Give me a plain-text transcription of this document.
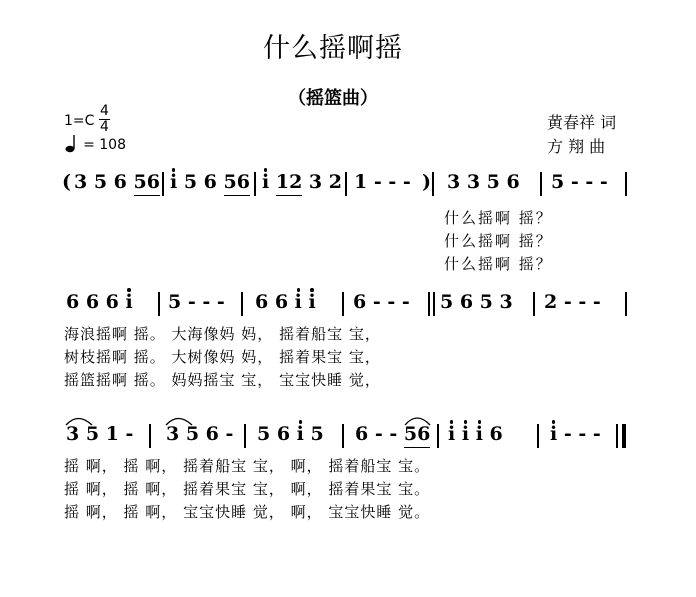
什么摇啊摇
（摇篮曲）
1=C
4
4
= 108
黄春祥 词
方 翔 曲
( 3 5 6 56 i 5 6 56 i 12 3 2 1 - - - ) 3 3 5 6 5 - - -
什么摇啊 摇？
什么摇啊 摇？
什么摇啊 摇？
6 6 6 i 5 - - - 6 6 i i 6 - - - 5 6 5 3 2 - - -
海浪摇啊 摇。 大海像妈 妈， 摇着船宝 宝，
树枝摇啊 摇。 大树像妈 妈， 摇着果宝 宝，
摇篮摇啊 摇。 妈妈摇宝 宝， 宝宝快睡 觉，
3 5 1 - 3 5 6 - 5 6 i 5 6 - - 56 i i i 6 i - - -
摇 啊， 摇 啊， 摇着船宝 宝， 啊， 摇着船宝 宝。
摇 啊， 摇 啊， 摇着果宝 宝， 啊， 摇着果宝 宝。
摇 啊， 摇 啊， 宝宝快睡 觉， 啊， 宝宝快睡 觉。
